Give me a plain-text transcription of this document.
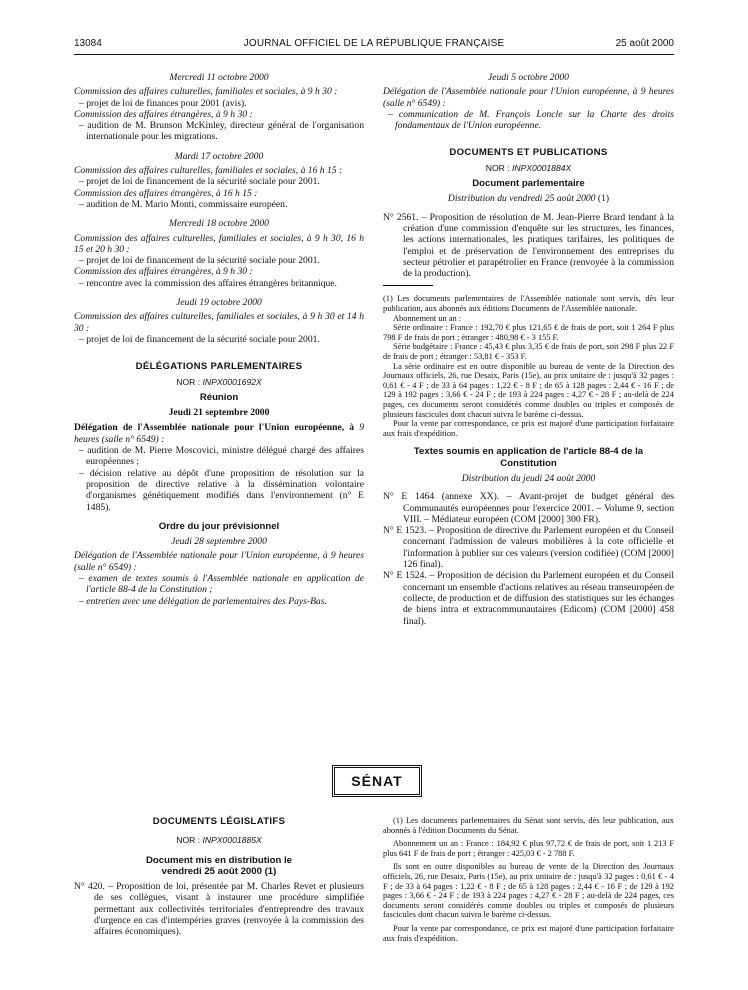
13084	JOURNAL OFFICIEL DE LA RÉPUBLIQUE FRANÇAISE	25 août 2000
Mercredi 11 octobre 2000
Commission des affaires culturelles, familiales et sociales, à 9 h 30 :
– projet de loi de finances pour 2001 (avis).
Commission des affaires étrangères, à 9 h 30 :
– audition de M. Brunson McKinley, directeur général de l'organisation internationale pour les migrations.
Mardi 17 octobre 2000
Commission des affaires culturelles, familiales et sociales, à 16 h 15 :
– projet de loi de financement de la sécurité sociale pour 2001.
Commission des affaires étrangères, à 16 h 15 :
– audition de M. Mario Monti, commissaire européen.
Mercredi 18 octobre 2000
Commission des affaires culturelles, familiales et sociales, à 9 h 30, 16 h 15 et 20 h 30 :
– projet de loi de financement de la sécurité sociale pour 2001.
Commission des affaires étrangères, à 9 h 30 :
– rencontre avec la commission des affaires étrangères britannique.
Jeudi 19 octobre 2000
Commission des affaires culturelles, familiales et sociales, à 9 h 30 et 14 h 30 :
– projet de loi de financement de la sécurité sociale pour 2001.
DÉLÉGATIONS PARLEMENTAIRES
NOR : INPX0001692X
Réunion
Jeudi 21 septembre 2000
Délégation de l'Assemblée nationale pour l'Union européenne, à 9 heures (salle n° 6549) :
– audition de M. Pierre Moscovici, ministre délégué chargé des affaires européennes ;
– décision relative au dépôt d'une proposition de résolution sur la proposition de directive relative à la dissémination volontaire d'organismes génétiquement modifiés dans l'environnement (n° E 1485).
Ordre du jour prévisionnel
Jeudi 28 septembre 2000
Délégation de l'Assemblée nationale pour l'Union européenne, à 9 heures (salle n° 6549) :
– examen de textes soumis à l'Assemblée nationale en application de l'article 88-4 de la Constitution ;
– entretien avec une délégation de parlementaires des Pays-Bas.
Jeudi 5 octobre 2000
Délégation de l'Assemblée nationale pour l'Union européenne, à 9 heures (salle n° 6549) :
– communication de M. François Loncle sur la Charte des droits fondamentaux de l'Union européenne.
DOCUMENTS ET PUBLICATIONS
NOR : INPX0001884X
Document parlementaire
Distribution du vendredi 25 août 2000 (1)
N° 2561. – Proposition de résolution de M. Jean-Pierre Brard tendant à la création d'une commission d'enquête sur les structures, les finances, les actions internationales, les pratiques tarifaires, les politiques de l'emploi et de préservation de l'environnement des entreprises du secteur pétrolier et parapétrolier en France (renvoyée à la commission de la production).
(1) Les documents parlementaires de l'Assemblée nationale sont servis, dès leur publication, aux abonnés aux éditions Documents de l'Assemblée nationale.
Abonnement un an :
Série ordinaire : France : 192,70 € plus 121,65 € de frais de port, soit 1 264 F plus 798 F de frais de port ; étranger : 480,98 € - 3 155 F.
Série budgétaire : France : 45,43 € plus 3,35 € de frais de port, soit 298 F plus 22 F de frais de port ; étranger : 53,81 € - 353 F.
La série ordinaire est en outre disponible au bureau de vente de la Direction des Journaux officiels, 26, rue Desaix, Paris (15e), au prix unitaire de : jusqu'à 32 pages : 0,61 € - 4 F ; de 33 à 64 pages : 1,22 € - 8 F ; de 65 à 128 pages : 2,44 € - 16 F ; de 129 à 192 pages : 3,66 € - 24 F ; de 193 à 224 pages : 4,27 € - 28 F ; au-delà de 224 pages, ces documents seront considérés comme doubles ou triples et composés de plusieurs fascicules dont chacun suivra le barème ci-dessus.
Pour la vente par correspondance, ce prix est majoré d'une participation forfaitaire aux frais d'expédition.
Textes soumis en application de l'article 88-4 de la Constitution
Distribution du jeudi 24 août 2000
N° E 1464 (annexe XX). – Avant-projet de budget général des Communautés européennes pour l'exercice 2001. – Volume 9, section VIII. – Médiateur européen (COM [2000] 300 FR).
N° E 1523. – Proposition de directive du Parlement européen et du Conseil concernant l'admission de valeurs mobilières à la cote officielle et l'information à publier sur ces valeurs (version codifiée) (COM [2000] 126 final).
N° E 1524. – Proposition de décision du Parlement européen et du Conseil concernant un ensemble d'actions relatives au réseau transeuropéen de collecte, de production et de diffusion des statistiques sur les échanges de biens intra et extracommunautaires (Edicom) (COM [2000] 458 final).
SÉNAT
DOCUMENTS LÉGISLATIFS
NOR : INPX0001885X
Document mis en distribution le vendredi 25 août 2000 (1)
N° 420. – Proposition de loi, présentée par M. Charles Revet et plusieurs de ses collègues, visant à instaurer une procédure simplifiée permettant aux collectivités territoriales d'entreprendre des travaux d'urgence en cas d'intempéries graves (renvoyée à la commission des affaires économiques).
(1) Les documents parlementaires du Sénat sont servis, dès leur publication, aux abonnés à l'édition Documents du Sénat.
Abonnement un an : France : 184,92 € plus 97,72 € de frais de port, soit 1 213 F plus 641 F de frais de port ; étranger : 425,03 € - 2 788 F.
Ils sont en outre disponibles au bureau de vente de la Direction des Journaux officiels, 26, rue Desaix, Paris (15e), au prix unitaire de : jusqu'à 32 pages : 0,61 € - 4 F ; de 33 à 64 pages : 1,22 € - 8 F ; de 65 à 128 pages : 2,44 € - 16 F ; de 129 à 192 pages : 3,66 € - 24 F ; de 193 à 224 pages : 4,27 € - 28 F ; au-delà de 224 pages, ces documents seront considérés comme doubles ou triples et composés de plusieurs fascicules dont chacun suivra le barème ci-dessus.
Pour la vente par correspondance, ce prix est majoré d'une participation forfaitaire aux frais d'expédition.
